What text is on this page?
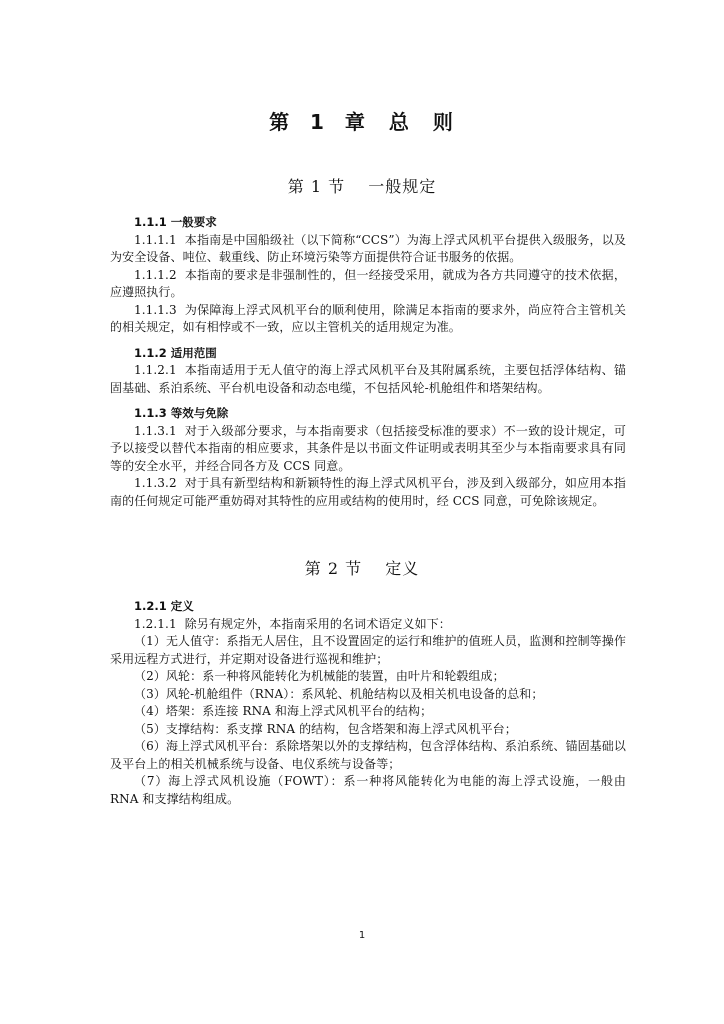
第 1 章　总　则
第 1 节　 一般规定
1.1.1 一般要求

1.1.1.1 本指南是中国船级社（以下简称“CCS”）为海上浮式风机平台提供入级服务，以及为安全设备、吨位、载重线、防止环境污染等方面提供符合证书服务的依据。

1.1.1.2 本指南的要求是非强制性的，但一经接受采用，就成为各方共同遵守的技术依据，应遵照执行。

1.1.1.3 为保障海上浮式风机平台的顺利使用，除满足本指南的要求外，尚应符合主管机关的相关规定，如有相悖或不一致，应以主管机关的适用规定为准。

1.1.2 适用范围

1.1.2.1 本指南适用于无人值守的海上浮式风机平台及其附属系统，主要包括浮体结构、锚固基础、系泊系统、平台机电设备和动态电缆，不包括风轮-机舱组件和塔架结构。

1.1.3 等效与免除

1.1.3.1 对于入级部分要求，与本指南要求（包括接受标准的要求）不一致的设计规定，可予以接受以替代本指南的相应要求，其条件是以书面文件证明或表明其至少与本指南要求具有同等的安全水平，并经合同各方及 CCS 同意。

1.1.3.2 对于具有新型结构和新颖特性的海上浮式风机平台，涉及到入级部分，如应用本指南的任何规定可能严重妨碍对其特性的应用或结构的使用时，经 CCS 同意，可免除该规定。

第 2 节　 定义
1.2.1 定义

1.2.1.1 除另有规定外，本指南采用的名词术语定义如下：

（1）无人值守：系指无人居住，且不设置固定的运行和维护的值班人员，监测和控制等操作采用远程方式进行，并定期对设备进行巡视和维护；

（2）风轮：系一种将风能转化为机械能的装置，由叶片和轮毂组成；

（3）风轮-机舱组件（RNA）：系风轮、机舱结构以及相关机电设备的总和；

（4）塔架：系连接 RNA 和海上浮式风机平台的结构；

（5）支撑结构：系支撑 RNA 的结构，包含塔架和海上浮式风机平台；

（6）海上浮式风机平台：系除塔架以外的支撑结构，包含浮体结构、系泊系统、锚固基础以及平台上的相关机械系统与设备、电仪系统与设备等；

（7）海上浮式风机设施（FOWT）：系一种将风能转化为电能的海上浮式设施，一般由 RNA 和支撑结构组成。

1
